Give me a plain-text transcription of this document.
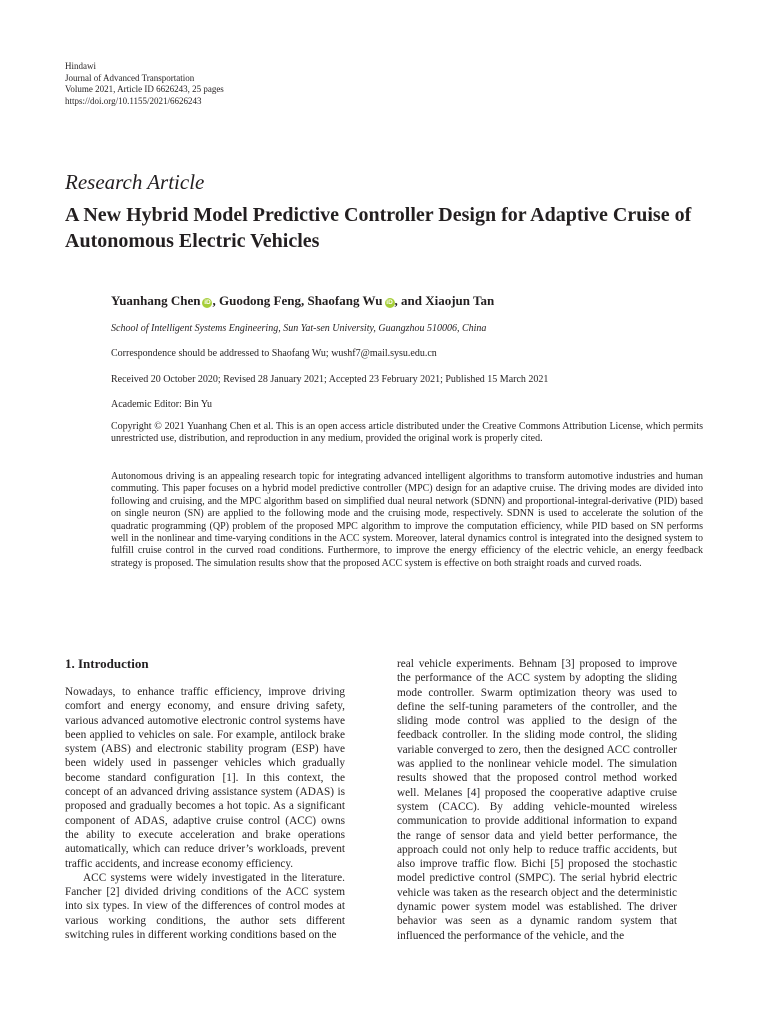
Hindawi
Journal of Advanced Transportation
Volume 2021, Article ID 6626243, 25 pages
https://doi.org/10.1155/2021/6626243
Research Article
A New Hybrid Model Predictive Controller Design for Adaptive Cruise of Autonomous Electric Vehicles
Yuanhang Chen iD , Guodong Feng, Shaofang Wu iD , and Xiaojun Tan
School of Intelligent Systems Engineering, Sun Yat-sen University, Guangzhou 510006, China
Correspondence should be addressed to Shaofang Wu; wushf7@mail.sysu.edu.cn
Received 20 October 2020; Revised 28 January 2021; Accepted 23 February 2021; Published 15 March 2021
Academic Editor: Bin Yu
Copyright © 2021 Yuanhang Chen et al. This is an open access article distributed under the Creative Commons Attribution License, which permits unrestricted use, distribution, and reproduction in any medium, provided the original work is properly cited.
Autonomous driving is an appealing research topic for integrating advanced intelligent algorithms to transform automotive industries and human commuting. This paper focuses on a hybrid model predictive controller (MPC) design for an adaptive cruise. The driving modes are divided into following and cruising, and the MPC algorithm based on simplified dual neural network (SDNN) and proportional-integral-derivative (PID) based on single neuron (SN) are applied to the following mode and the cruising mode, respectively. SDNN is used to accelerate the solution of the quadratic programming (QP) problem of the proposed MPC algorithm to improve the computation efficiency, while PID based on SN performs well in the nonlinear and time-varying conditions in the ACC system. Moreover, lateral dynamics control is integrated into the designed system to fulfill cruise control in the curved road conditions. Furthermore, to improve the energy efficiency of the electric vehicle, an energy feedback strategy is proposed. The simulation results show that the proposed ACC system is effective on both straight roads and curved roads.
1. Introduction

Nowadays, to enhance traffic efficiency, improve driving comfort and energy economy, and ensure driving safety, various advanced automotive electronic control systems have been applied to vehicles on sale. For example, antilock brake system (ABS) and electronic stability program (ESP) have been widely used in passenger vehicles which gradually become standard configuration [1]. In this context, the concept of an advanced driving assistance system (ADAS) is proposed and gradually becomes a hot topic. As a significant component of ADAS, adaptive cruise control (ACC) owns the ability to execute acceleration and brake operations automatically, which can reduce driver’s workloads, prevent traffic accidents, and increase economy efficiency.

ACC systems were widely investigated in the literature. Fancher [2] divided driving conditions of the ACC system into six types. In view of the differences of control modes at various working conditions, the author sets different switching rules in different working conditions based on the

real vehicle experiments. Behnam [3] proposed to improve the performance of the ACC system by adopting the sliding mode controller. Swarm optimization theory was used to define the self-tuning parameters of the controller, and the sliding mode control was applied to the design of the feedback controller. In the sliding mode control, the sliding variable converged to zero, then the designed ACC controller was applied to the nonlinear vehicle model. The simulation results showed that the proposed control method worked well. Melanes [4] proposed the cooperative adaptive cruise system (CACC). By adding vehicle-mounted wireless communication to provide additional information to expand the range of sensor data and yield better performance, the approach could not only help to reduce traffic accidents, but also improve traffic flow. Bichi [5] proposed the stochastic model predictive control (SMPC). The serial hybrid electric vehicle was taken as the research object and the deterministic dynamic power system model was established. The driver behavior was seen as a dynamic random system that influenced the performance of the vehicle, and the
